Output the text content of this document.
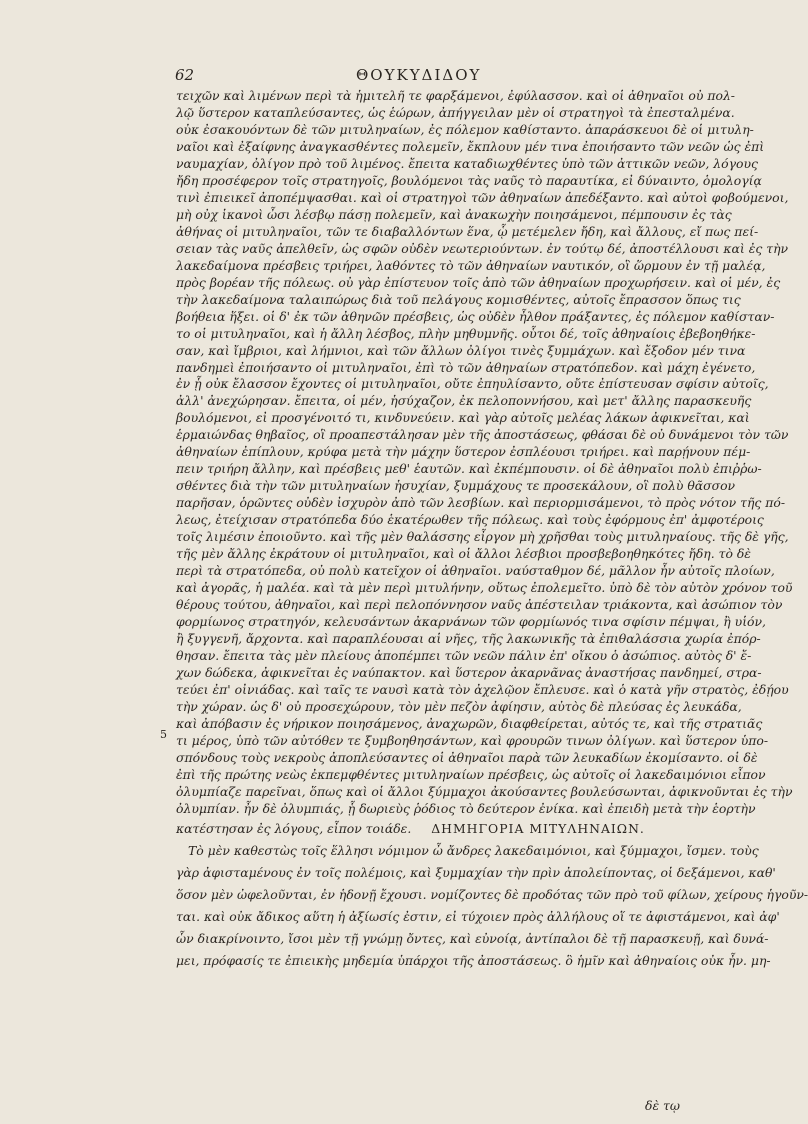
62	ΘΟΥΚΥΔΙΔΟΥ
5
τειχῶν καὶ λιμένων περὶ τὰ ἡμιτελῆ τε φαρξάμενοι, ἐφύλασσον. καὶ οἱ ἀθηναῖοι οὐ πολ-
λῷ ὕστερον καταπλεύσαντες, ὡς ἑώρων, ἀπήγγειλαν μὲν οἱ στρατηγοὶ τὰ ἐπεσταλμένα.
οὐκ ἐσακουόντων δὲ τῶν μιτυληναίων, ἐς πόλεμον καθίσταντο. ἀπαράσκευοι δὲ οἱ μιτυλη-
ναῖοι καὶ ἐξαίφνης ἀναγκασθέντες πολεμεῖν, ἔκπλουν μέν τινα ἐποιήσαντο τῶν νεῶν ὡς ἐπὶ
ναυμαχίαν, ὀλίγον πρὸ τοῦ λιμένος. ἔπειτα καταδιωχθέντες ὑπὸ τῶν ἀττικῶν νεῶν, λόγους
ἤδη προσέφερον τοῖς στρατηγοῖς, βουλόμενοι τὰς ναῦς τὸ παραυτίκα, εἰ δύναιντο, ὁμολογίᾳ
τινὶ ἐπιεικεῖ ἀποπέμψασθαι. καὶ οἱ στρατηγοὶ τῶν ἀθηναίων ἀπεδέξαντο. καὶ αὐτοὶ φοβούμενοι,
μὴ οὐχ ἱκανοὶ ὦσι λέσβῳ πάσῃ πολεμεῖν, καὶ ἀνακωχὴν ποιησάμενοι, πέμπουσιν ἐς τὰς
ἀθήνας οἱ μιτυληναῖοι, τῶν τε διαβαλλόντων ἕνα, ᾧ μετέμελεν ἤδη, καὶ ἄλλους, εἴ πως πεί-
σειαν τὰς ναῦς ἀπελθεῖν, ὡς σφῶν οὐδὲν νεωτεριούντων. ἐν τούτῳ δέ, ἀποστέλλουσι καὶ ἐς τὴν
λακεδαίμονα πρέσβεις τριήρει, λαθόντες τὸ τῶν ἀθηναίων ναυτικόν, οἳ ὥρμουν ἐν τῇ μαλέᾳ,
πρὸς βορέαν τῆς πόλεως. οὐ γὰρ ἐπίστευον τοῖς ἀπὸ τῶν ἀθηναίων προχωρήσειν. καὶ οἱ μέν, ἐς
τὴν λακεδαίμονα ταλαιπώρως διὰ τοῦ πελάγους κομισθέντες, αὐτοῖς ἔπρασσον ὅπως τις
βοήθεια ἥξει. οἱ δ' ἐκ τῶν ἀθηνῶν πρέσβεις, ὡς οὐδὲν ἦλθον πράξαντες, ἐς πόλεμον καθίσταν-
το οἱ μιτυληναῖοι, καὶ ἡ ἄλλη λέσβος, πλὴν μηθυμνῆς. οὗτοι δέ, τοῖς ἀθηναίοις ἐβεβοηθήκε-
σαν, καὶ ἴμβριοι, καὶ λήμνιοι, καὶ τῶν ἄλλων ὀλίγοι τινὲς ξυμμάχων. καὶ ἔξοδον μέν τινα
πανδημεὶ ἐποιήσαντο οἱ μιτυληναῖοι, ἐπὶ τὸ τῶν ἀθηναίων στρατόπεδον. καὶ μάχη ἐγένετο,
ἐν ᾗ οὐκ ἔλασσον ἔχοντες οἱ μιτυληναῖοι, οὔτε ἐπηυλίσαντο, οὔτε ἐπίστευσαν σφίσιν αὐτοῖς,
ἀλλ' ἀνεχώρησαν. ἔπειτα, οἱ μέν, ἡσύχαζον, ἐκ πελοποννήσου, καὶ μετ' ἄλλης παρασκευῆς
βουλόμενοι, εἰ προσγένοιτό τι, κινδυνεύειν. καὶ γὰρ αὐτοῖς μελέας λάκων ἀφικνεῖται, καὶ
ἑρμαιώνδας θηβαῖος, οἳ προαπεστάλησαν μὲν τῆς ἀποστάσεως, φθάσαι δὲ οὐ δυνάμενοι τὸν τῶν
ἀθηναίων ἐπίπλουν, κρύφα μετὰ τὴν μάχην ὕστερον ἐσπλέουσι τριήρει. καὶ παρῄνουν πέμ-
πειν τριήρη ἄλλην, καὶ πρέσβεις μεθ' ἑαυτῶν. καὶ ἐκπέμπουσιν. οἱ δὲ ἀθηναῖοι πολὺ ἐπιῤῥω-
σθέντες διὰ τὴν τῶν μιτυληναίων ἡσυχίαν, ξυμμάχους τε προσεκάλουν, οἳ πολὺ θᾶσσον
παρῆσαν, ὁρῶντες οὐδὲν ἰσχυρὸν ἀπὸ τῶν λεσβίων. καὶ περιορμισάμενοι, τὸ πρὸς νότον τῆς πό-
λεως, ἐτείχισαν στρατόπεδα δύο ἑκατέρωθεν τῆς πόλεως. καὶ τοὺς ἐφόρμους ἐπ' ἀμφοτέροις
τοῖς λιμέσιν ἐποιοῦντο. καὶ τῆς μὲν θαλάσσης εἶργον μὴ χρῆσθαι τοὺς μιτυληναίους. τῆς δὲ γῆς,
τῆς μὲν ἄλλης ἐκράτουν οἱ μιτυληναῖοι, καὶ οἱ ἄλλοι λέσβιοι προσβεβοηθηκότες ἤδη. τὸ δὲ
περὶ τὰ στρατόπεδα, οὐ πολὺ κατεῖχον οἱ ἀθηναῖοι. ναύσταθμον δέ, μᾶλλον ἦν αὐτοῖς πλοίων,
καὶ ἀγορᾶς, ἡ μαλέα. καὶ τὰ μὲν περὶ μιτυλήνην, οὕτως ἐπολεμεῖτο. ὑπὸ δὲ τὸν αὐτὸν χρόνον τοῦ
θέρους τούτου, ἀθηναῖοι, καὶ περὶ πελοπόννησον ναῦς ἀπέστειλαν τριάκοντα, καὶ ἀσώπιον τὸν
φορμίωνος στρατηγόν, κελευσάντων ἀκαρνάνων τῶν φορμίωνός τινα σφίσιν πέμψαι, ἢ υἱόν,
ἢ ξυγγενῆ, ἄρχοντα. καὶ παραπλέουσαι αἱ νῆες, τῆς λακωνικῆς τὰ ἐπιθαλάσσια χωρία ἐπόρ-
θησαν. ἔπειτα τὰς μὲν πλείους ἀποπέμπει τῶν νεῶν πάλιν ἐπ' οἴκου ὁ ἀσώπιος. αὐτὸς δ' ἔ-
χων δώδεκα, ἀφικνεῖται ἐς ναύπακτον. καὶ ὕστερον ἀκαρνᾶνας ἀναστήσας πανδημεί, στρα-
τεύει ἐπ' οἰνιάδας. καὶ ταῖς τε ναυσὶ κατὰ τὸν ἀχελῷον ἔπλευσε. καὶ ὁ κατὰ γῆν στρατὸς, ἐδῄου
τὴν χώραν. ὡς δ' οὐ προσεχώρουν, τὸν μὲν πεζὸν ἀφίησιν, αὐτὸς δὲ πλεύσας ἐς λευκάδα,
καὶ ἀπόβασιν ἐς νήρικον ποιησάμενος, ἀναχωρῶν, διαφθείρεται, αὐτός τε, καὶ τῆς στρατιᾶς
τι μέρος, ὑπὸ τῶν αὐτόθεν τε ξυμβοηθησάντων, καὶ φρουρῶν τινων ὀλίγων. καὶ ὕστερον ὑπο-
σπόνδους τοὺς νεκροὺς ἀποπλεύσαντες οἱ ἀθηναῖοι παρὰ τῶν λευκαδίων ἐκομίσαντο. οἱ δὲ
ἐπὶ τῆς πρώτης νεὼς ἐκπεμφθέντες μιτυληναίων πρέσβεις, ὡς αὐτοῖς οἱ λακεδαιμόνιοι εἶπον
ὀλυμπίαζε παρεῖναι, ὅπως καὶ οἱ ἄλλοι ξύμμαχοι ἀκούσαντες βουλεύσωνται, ἀφικνοῦνται ἐς τὴν
ὀλυμπίαν. ἦν δὲ ὀλυμπιάς, ᾗ δωριεὺς ῥόδιος τὸ δεύτερον ἐνίκα. καὶ ἐπειδὴ μετὰ τὴν ἑορτὴν
κατέστησαν ἐς λόγους, εἶπον τοιάδε. ΔΗΜΗΓΟΡΙΑ ΜΙΤΥΛΗΝΑΙΩΝ.
Τὸ μὲν καθεστὼς τοῖς ἕλλησι νόμιμον ὦ ἄνδρες λακεδαιμόνιοι, καὶ ξύμμαχοι, ἴσμεν. τοὺς
γὰρ ἀφισταμένους ἐν τοῖς πολέμοις, καὶ ξυμμαχίαν τὴν πρὶν ἀπολείποντας, οἱ δεξάμενοι, καθ'
ὅσον μὲν ὠφελοῦνται, ἐν ἡδονῇ ἔχουσι. νομίζοντες δὲ προδότας τῶν πρὸ τοῦ φίλων, χείρους ἡγοῦν-
ται. καὶ οὐκ ἄδικος αὕτη ἡ ἀξίωσίς ἐστιν, εἰ τύχοιεν πρὸς ἀλλήλους οἵ τε ἀφιστάμενοι, καὶ ἀφ'
ὧν διακρίνοιντο, ἴσοι μὲν τῇ γνώμῃ ὄντες, καὶ εὐνοίᾳ, ἀντίπαλοι δὲ τῇ παρασκευῇ, καὶ δυνά-
μει, πρόφασίς τε ἐπιεικὴς μηδεμία ὑπάρχοι τῆς ἀποστάσεως. ὃ ἡμῖν καὶ ἀθηναίοις οὐκ ἦν. μη-
δὲ τῳ
